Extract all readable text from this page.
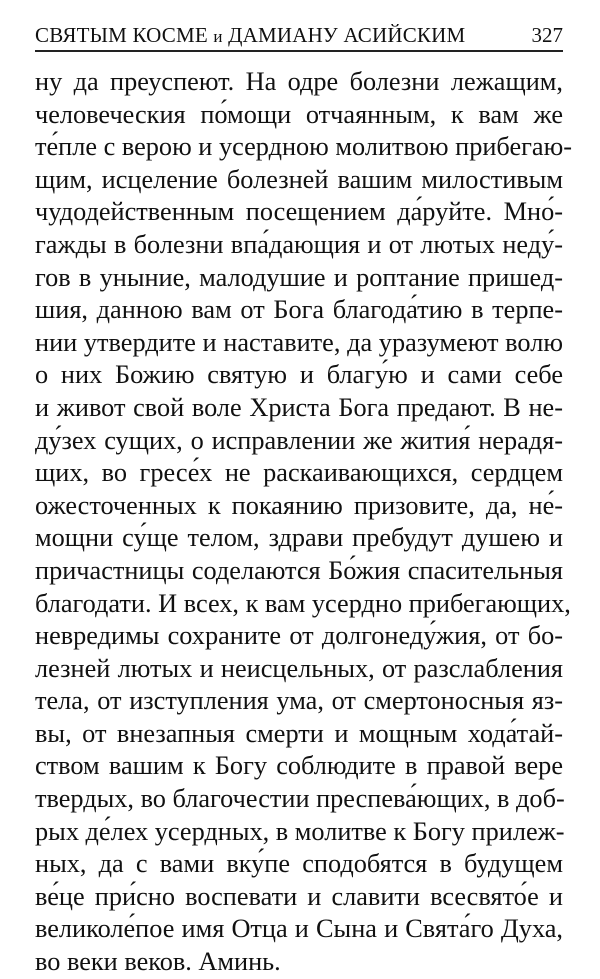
СВЯТЫМ КОСМЕ и ДАМИАНУ АСИЙСКИМ	327
ну да преуспеют. На одре болезни лежащим,
человеческия по́мощи отчаянным, к вам же
те́пле с верою и усердною молитвою прибегаю-
щим, исцеление болезней вашим милостивым
чудодейственным посещением да́руйте. Мно́-
гажды в болезни впа́дающия и от лютых неду́-
гов в уныние, малодушие и роптание пришед-
шия, данною вам от Бога благода́тию в терпе-
нии утвердите и наставите, да уразумеют волю
о них Божию святую и благу́ю и сами себе
и живот свой воле Христа Бога предают. В не-
ду́зех сущих, о исправлении же жития́ нерадя-
щих, во гресе́х не раскаивающихся, сердцем
ожесточенных к покаянию призовите, да, не́-
мощни су́ще телом, здрави пребудут душею и
причастницы соделаются Бо́жия спасительныя
благодати. И всех, к вам усердно прибегающих,
невредимы сохраните от долгонеду́жия, от бо-
лезней лютых и неисцельных, от разслабления
тела, от изступления ума, от смертоносныя яз-
вы, от внезапныя смерти и мощным хода́тай-
ством вашим к Богу соблюдите в правой вере
твердых, во благочестии преспева́ющих, в доб-
рых де́лех усердных, в молитве к Богу прилеж-
ных, да с вами вку́пе сподобятся в будущем
ве́це при́сно воспевати и славити всесвято́е и
великоле́пое имя Отца и Сына и Свята́го Духа,
во веки веков. Аминь.
